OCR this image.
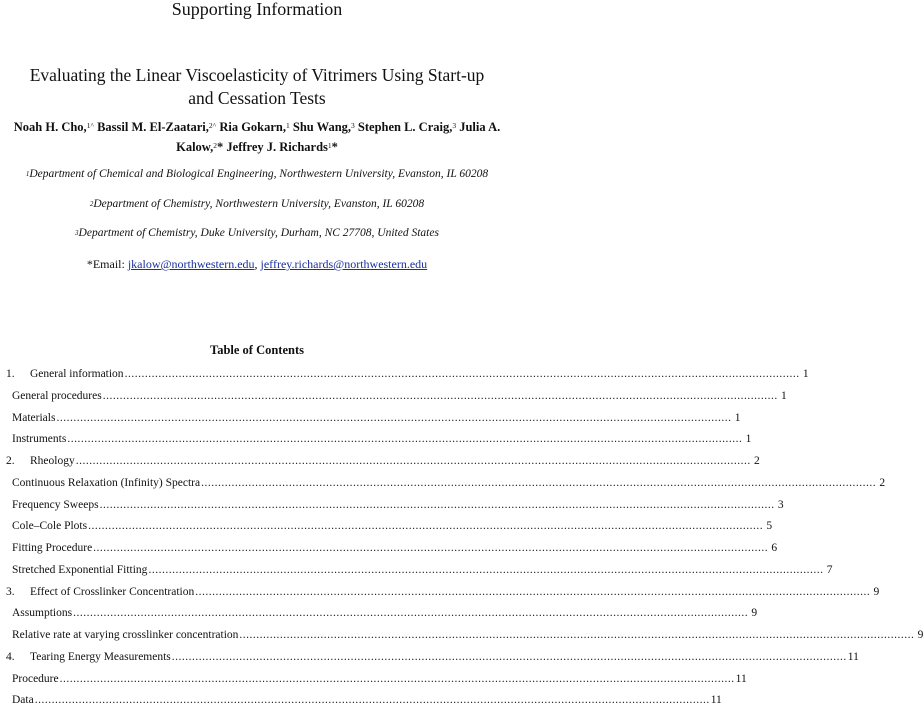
Supporting Information
Evaluating the Linear Viscoelasticity of Vitrimers Using Start-up
and Cessation Tests
Noah H. Cho,$^{1\^{}}$ Bassil M. El-Zaatari,$^{2\^{}}$ Ria Gokarn,$^1$ Shu Wang,$^3$ Stephen L. Craig,$^3$ Julia A. Kalow,$^2$* Jeffrey J. Richards$^1$*
$^1$Department of Chemical and Biological Engineering, Northwestern University, Evanston, IL 60208
$^2$Department of Chemistry, Northwestern University, Evanston, IL 60208
$^3$Department of Chemistry, Duke University, Durham, NC 27708, United States
*Email: jkalow@northwestern.edu, jeffrey.richards@northwestern.edu
Table of Contents
1.	General information ........................................................................................................................................................................................................ 1
General procedures ........................................................................................................................................................................................................ 1
Materials ........................................................................................................................................................................................................ 1
Instruments ........................................................................................................................................................................................................ 1
2.	Rheology ........................................................................................................................................................................................................ 2
Continuous Relaxation (Infinity) Spectra ........................................................................................................................................................................................................ 2
Frequency Sweeps ........................................................................................................................................................................................................ 3
Cole–Cole Plots ........................................................................................................................................................................................................ 5
Fitting Procedure ........................................................................................................................................................................................................ 6
Stretched Exponential Fitting ........................................................................................................................................................................................................ 7
3.	Effect of Crosslinker Concentration ........................................................................................................................................................................................................ 9
Assumptions ........................................................................................................................................................................................................ 9
Relative rate at varying crosslinker concentration ........................................................................................................................................................................................................ 9
4.	Tearing Energy Measurements ........................................................................................................................................................................................................ 11
Procedure ........................................................................................................................................................................................................ 11
Data ........................................................................................................................................................................................................ 11
